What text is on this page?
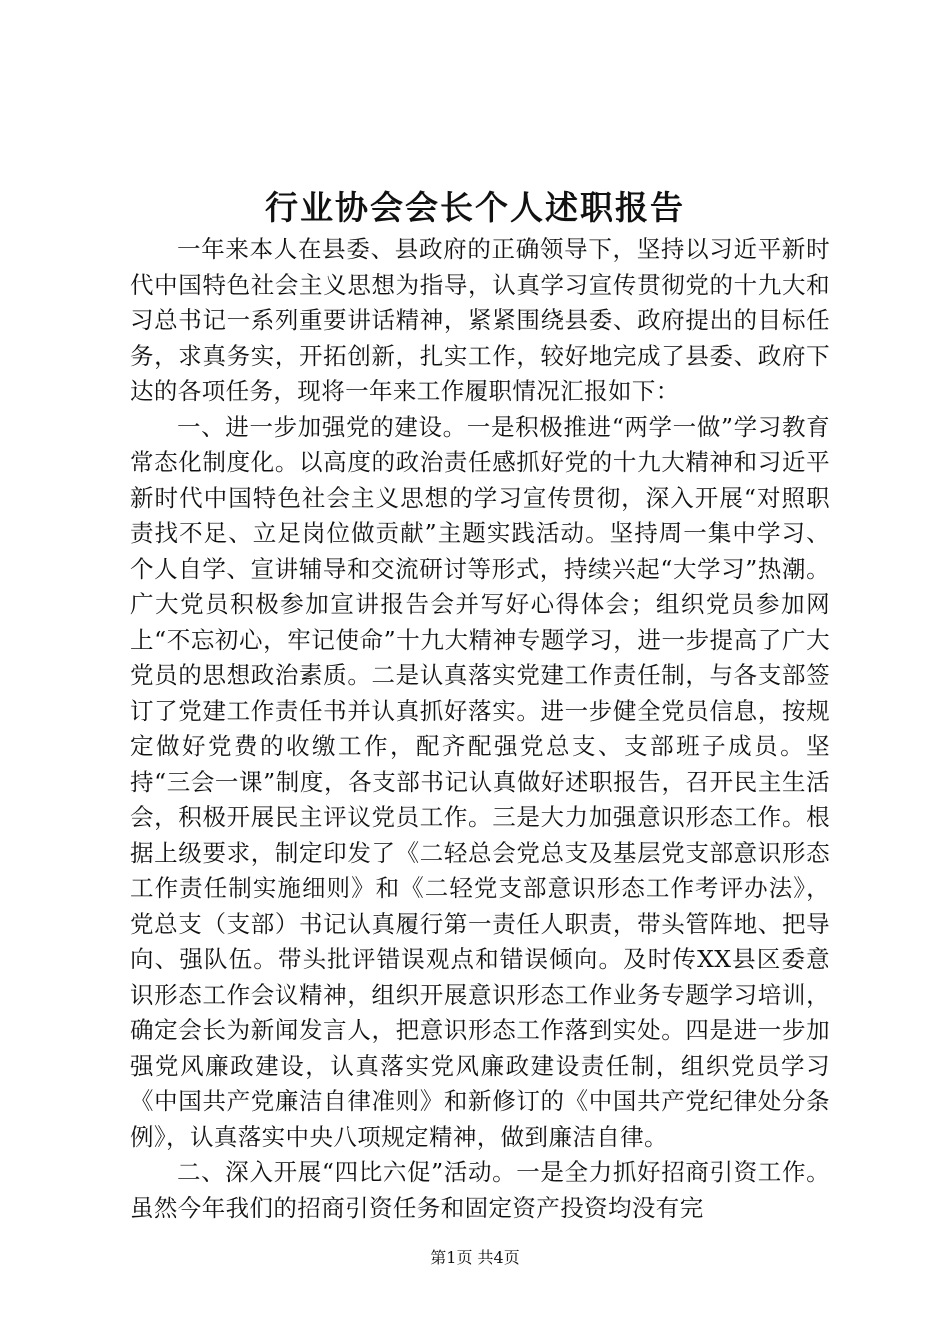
行业协会会长个人述职报告

一年来本人在县委、县政府的正确领导下，坚持以习近平新时代中国特色社会主义思想为指导，认真学习宣传贯彻党的十九大和习总书记一系列重要讲话精神，紧紧围绕县委、政府提出的目标任务，求真务实，开拓创新，扎实工作，较好地完成了县委、政府下达的各项任务，现将一年来工作履职情况汇报如下：

一、进一步加强党的建设。一是积极推进“两学一做”学习教育常态化制度化。以高度的政治责任感抓好党的十九大精神和习近平新时代中国特色社会主义思想的学习宣传贯彻，深入开展“对照职责找不足、立足岗位做贡献”主题实践活动。坚持周一集中学习、个人自学、宣讲辅导和交流研讨等形式，持续兴起“大学习”热潮。广大党员积极参加宣讲报告会并写好心得体会；组织党员参加网上“不忘初心，牢记使命”十九大精神专题学习，进一步提高了广大党员的思想政治素质。二是认真落实党建工作责任制，与各支部签订了党建工作责任书并认真抓好落实。进一步健全党员信息，按规定做好党费的收缴工作，配齐配强党总支、支部班子成员。坚持“三会一课”制度，各支部书记认真做好述职报告，召开民主生活会，积极开展民主评议党员工作。三是大力加强意识形态工作。根据上级要求，制定印发了《二轻总会党总支及基层党支部意识形态工作责任制实施细则》和《二轻党支部意识形态工作考评办法》，党总支（支部）书记认真履行第一责任人职责，带头管阵地、把导向、强队伍。带头批评错误观点和错误倾向。及时传XX县区委意识形态工作会议精神，组织开展意识形态工作业务专题学习培训，确定会长为新闻发言人，把意识形态工作落到实处。四是进一步加强党风廉政建设，认真落实党风廉政建设责任制，组织党员学习《中国共产党廉洁自律准则》和新修订的《中国共产党纪律处分条例》，认真落实中央八项规定精神，做到廉洁自律。

二、深入开展“四比六促”活动。一是全力抓好招商引资工作。虽然今年我们的招商引资任务和固定资产投资均没有完

第1页 共4页
